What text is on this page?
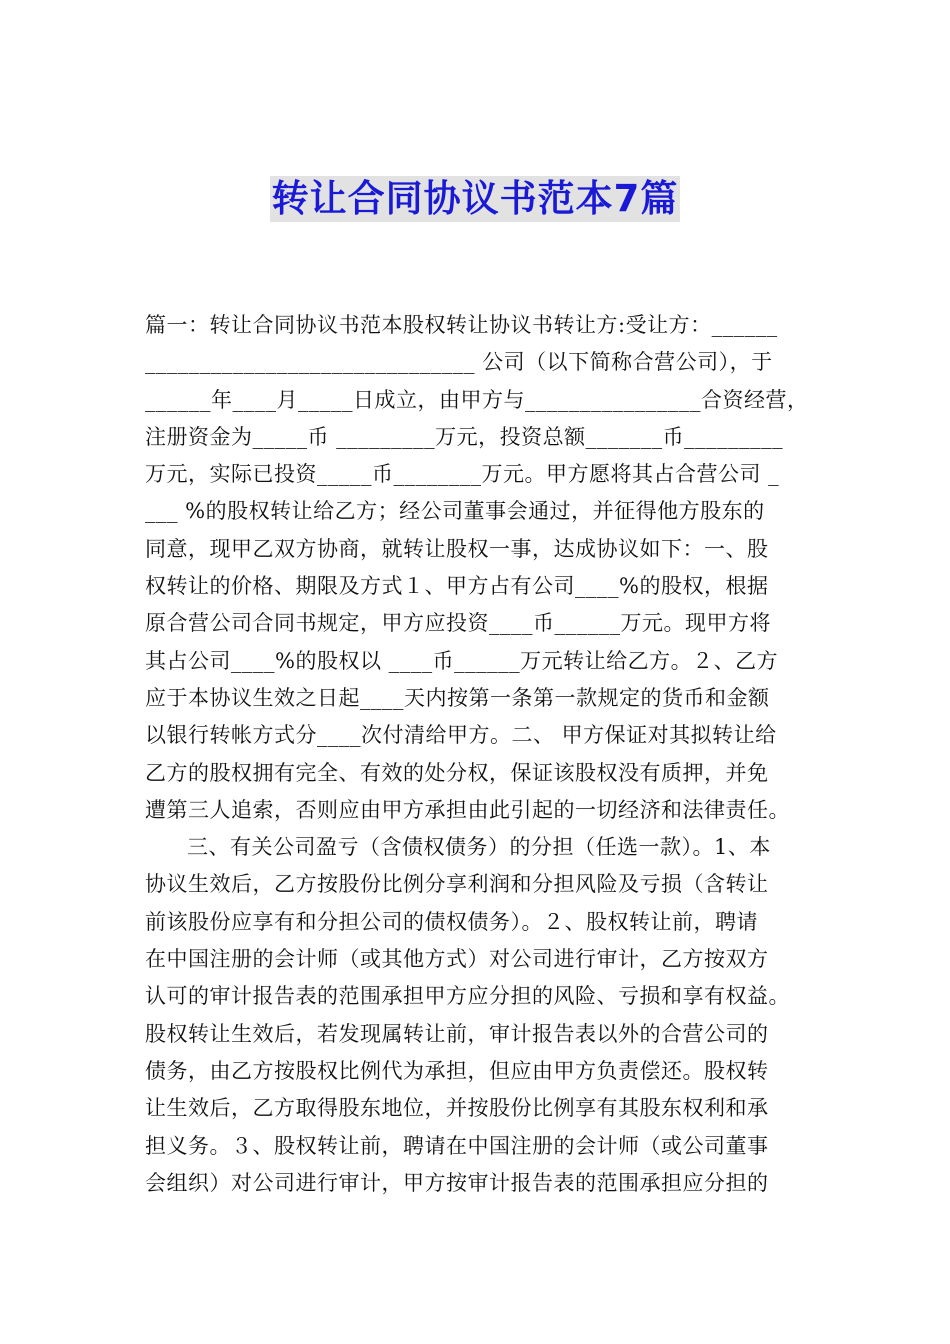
转让合同协议书范本7篇
篇一：转让合同协议书范本股权转让协议书转让方:受让方：______
______________________________ 公司（以下简称合营公司），于
______年____月_____日成立，由甲方与________________合资经营，
注册资金为_____币 _________万元，投资总额_______币_________
万元，实际已投资_____币________万元。甲方愿将其占合营公司 _
___ %的股权转让给乙方；经公司董事会通过，并征得他方股东的
同意，现甲乙双方协商，就转让股权一事，达成协议如下：一、股
权转让的价格、期限及方式１、甲方占有公司____%的股权，根据
原合营公司合同书规定，甲方应投资____币______万元。现甲方将
其占公司____%的股权以 ____币______万元转让给乙方。２、乙方
应于本协议生效之日起____天内按第一条第一款规定的货币和金额
以银行转帐方式分____次付清给甲方。二、 甲方保证对其拟转让给
乙方的股权拥有完全、有效的处分权，保证该股权没有质押，并免
遭第三人追索，否则应由甲方承担由此引起的一切经济和法律责任。
三、有关公司盈亏（含债权债务）的分担（任选一款）。1、本
协议生效后，乙方按股份比例分享利润和分担风险及亏损（含转让
前该股份应享有和分担公司的债权债务）。２、股权转让前，聘请
在中国注册的会计师（或其他方式）对公司进行审计，乙方按双方
认可的审计报告表的范围承担甲方应分担的风险、亏损和享有权益。
股权转让生效后，若发现属转让前，审计报告表以外的合营公司的
债务，由乙方按股权比例代为承担，但应由甲方负责偿还。股权转
让生效后，乙方取得股东地位，并按股份比例享有其股东权利和承
担义务。３、股权转让前，聘请在中国注册的会计师（或公司董事
会组织）对公司进行审计，甲方按审计报告表的范围承担应分担的
